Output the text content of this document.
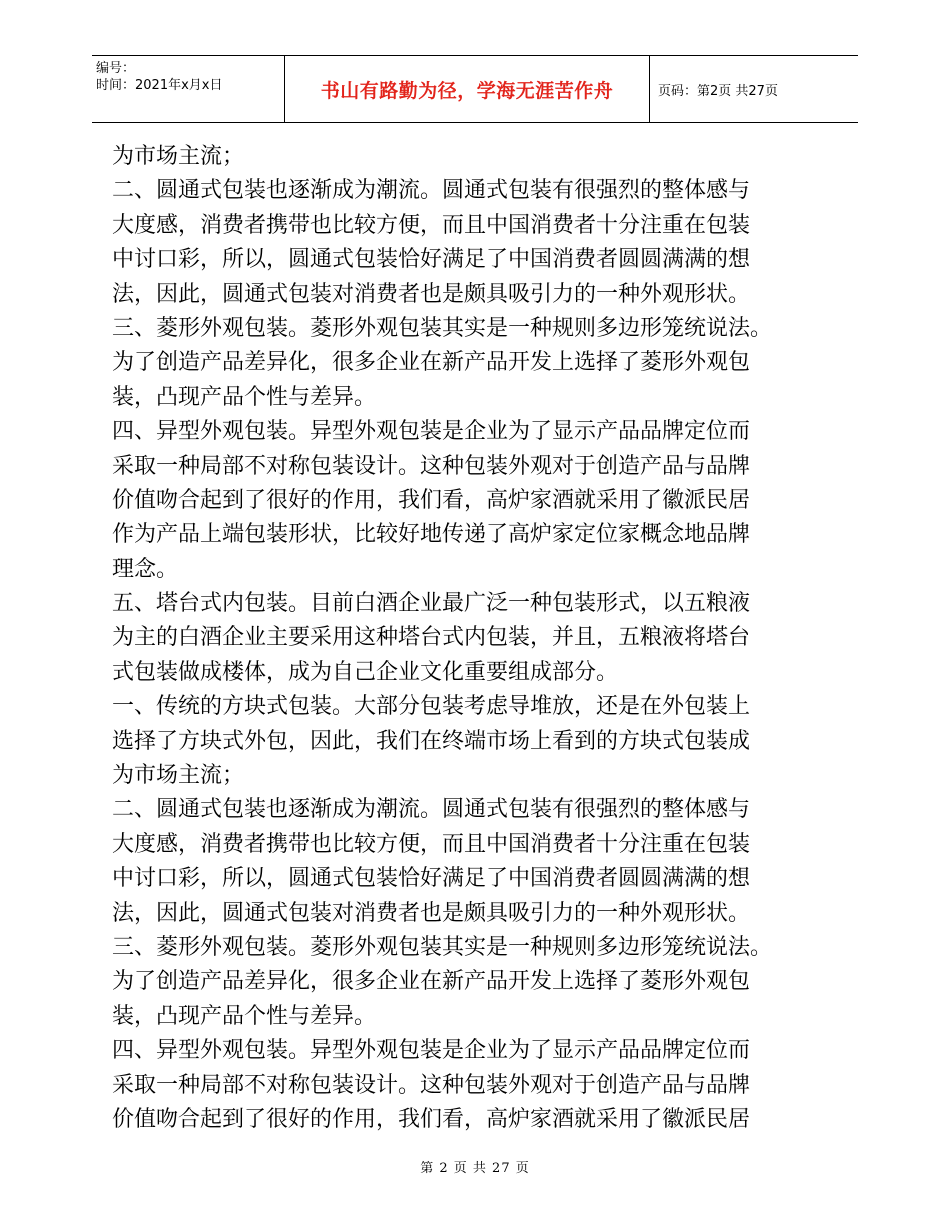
编号：
时间：2021年x月x日	书山有路勤为径，学海无涯苦作舟	页码：第2页 共27页
为市场主流；
二、圆通式包装也逐渐成为潮流。圆通式包装有很强烈的整体感与
大度感，消费者携带也比较方便，而且中国消费者十分注重在包装
中讨口彩，所以，圆通式包装恰好满足了中国消费者圆圆满满的想
法，因此，圆通式包装对消费者也是颇具吸引力的一种外观形状。
三、菱形外观包装。菱形外观包装其实是一种规则多边形笼统说法。
为了创造产品差异化，很多企业在新产品开发上选择了菱形外观包
装，凸现产品个性与差异。
四、异型外观包装。异型外观包装是企业为了显示产品品牌定位而
采取一种局部不对称包装设计。这种包装外观对于创造产品与品牌
价值吻合起到了很好的作用，我们看，高炉家酒就采用了徽派民居
作为产品上端包装形状，比较好地传递了高炉家定位家概念地品牌
理念。
五、塔台式内包装。目前白酒企业最广泛一种包装形式，以五粮液
为主的白酒企业主要采用这种塔台式内包装，并且，五粮液将塔台
式包装做成楼体，成为自己企业文化重要组成部分。
一、传统的方块式包装。大部分包装考虑导堆放，还是在外包装上
选择了方块式外包，因此，我们在终端市场上看到的方块式包装成
为市场主流；
二、圆通式包装也逐渐成为潮流。圆通式包装有很强烈的整体感与
大度感，消费者携带也比较方便，而且中国消费者十分注重在包装
中讨口彩，所以，圆通式包装恰好满足了中国消费者圆圆满满的想
法，因此，圆通式包装对消费者也是颇具吸引力的一种外观形状。
三、菱形外观包装。菱形外观包装其实是一种规则多边形笼统说法。
为了创造产品差异化，很多企业在新产品开发上选择了菱形外观包
装，凸现产品个性与差异。
四、异型外观包装。异型外观包装是企业为了显示产品品牌定位而
采取一种局部不对称包装设计。这种包装外观对于创造产品与品牌
价值吻合起到了很好的作用，我们看，高炉家酒就采用了徽派民居
第 2 页 共 27 页
